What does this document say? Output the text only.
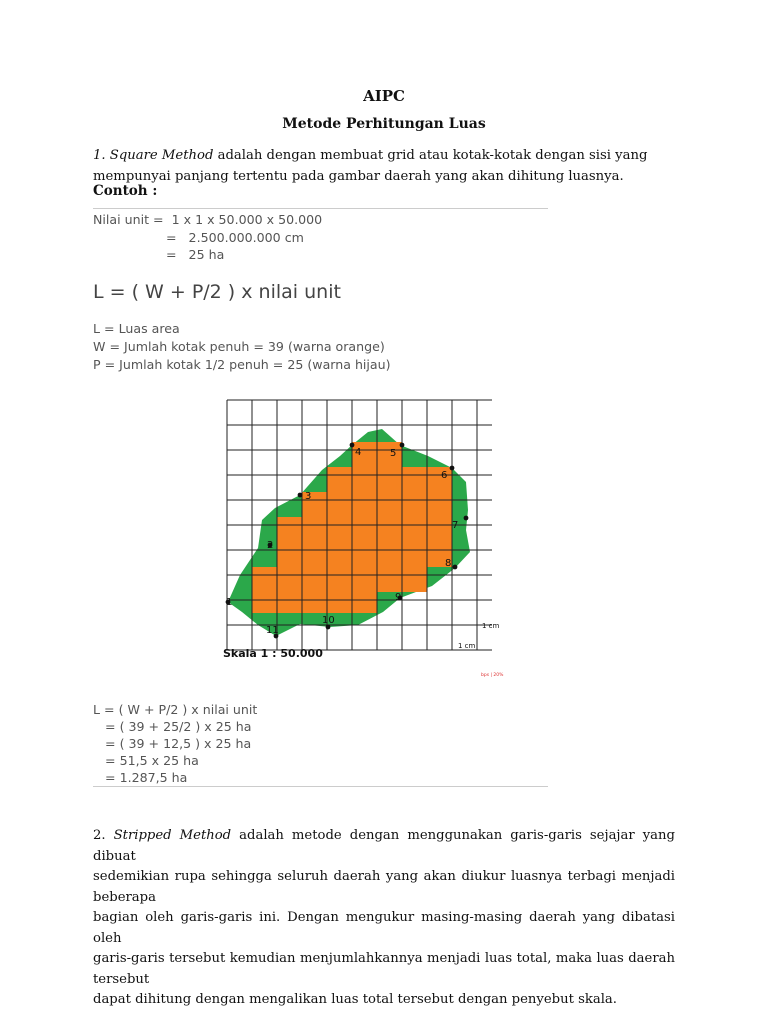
AIPC
Metode Perhitungan Luas
1. Square Method adalah dengan membuat grid atau kotak-kotak dengan sisi yang
mempunyai panjang tertentu pada gambar daerah yang akan dihitung luasnya.
Contoh :
Nilai unit =  1 x 1 x 50.000 x 50.000
=   2.500.000.000 cm
=   25 ha
L = ( W + P/2 ) x nilai unit
L = Luas area
W = Jumlah kotak penuh = 39 (warna orange)
P = Jumlah kotak 1/2 penuh = 25 (warna hijau)
1
2
3
4	5
6
7
8
9
10
11	1 cm
1 cm
Skala 1 : 50.000
bps | 20%
L = ( W + P/2 ) x nilai unit
= ( 39 + 25/2 ) x 25 ha
= ( 39 + 12,5 ) x 25 ha
= 51,5 x 25 ha
= 1.287,5 ha
2. Stripped Method adalah metode dengan menggunakan garis-garis sejajar yang dibuat
sedemikian rupa sehingga seluruh daerah yang akan diukur luasnya terbagi menjadi beberapa
bagian oleh garis-garis ini. Dengan mengukur masing-masing daerah yang dibatasi oleh
garis-garis tersebut kemudian menjumlahkannya menjadi luas total, maka luas daerah tersebut
dapat dihitung dengan mengalikan luas total tersebut dengan penyebut skala.
